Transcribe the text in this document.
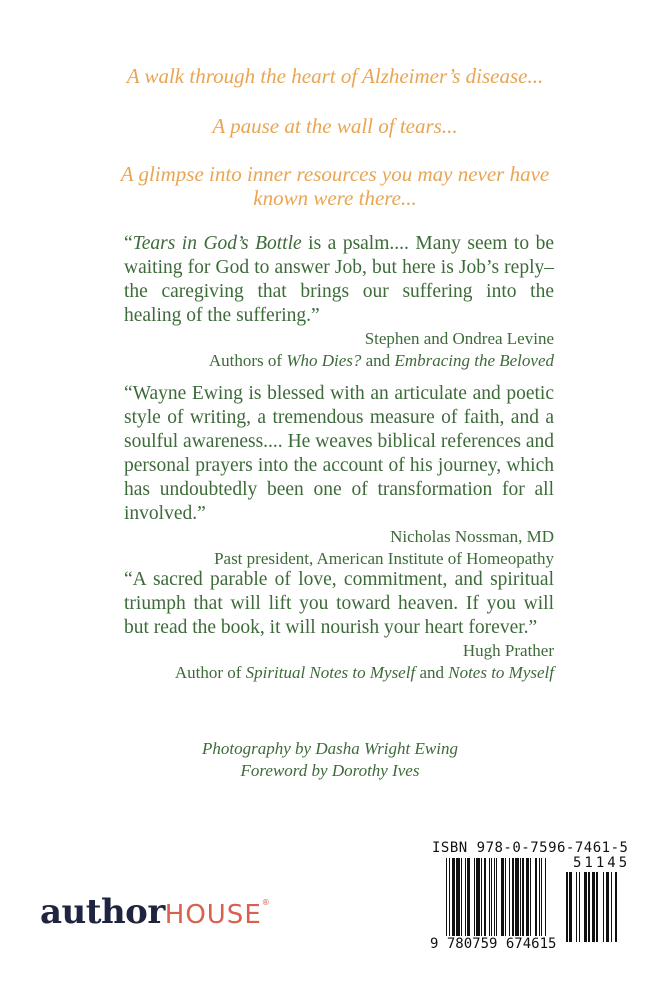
A walk through the heart of Alzheimer’s disease...
A pause at the wall of tears...
A glimpse into inner resources you may never have known were there...
“Tears in God’s Bottle is a psalm.... Many seem to be waiting for God to answer Job, but here is Job’s reply–the caregiving that brings our suffering into the healing of the suffering.”
Stephen and Ondrea Levine
Authors of Who Dies? and Embracing the Beloved
“Wayne Ewing is blessed with an articulate and poetic style of writing, a tremendous measure of faith, and a soulful awareness.... He weaves biblical references and personal prayers into the account of his journey, which has undoubtedly been one of transformation for all involved.”
Nicholas Nossman, MD
Past president, American Institute of Homeopathy
“A sacred parable of love, commitment, and spiritual triumph that will lift you toward heaven. If you will but read the book, it will nourish your heart forever.”
Hugh Prather
Author of Spiritual Notes to Myself and Notes to Myself
Photography by Dasha Wright Ewing
Foreword by Dorothy Ives
authorHOUSE®
ISBN 978-0-7596-7461-5
51145
9 780759 674615
